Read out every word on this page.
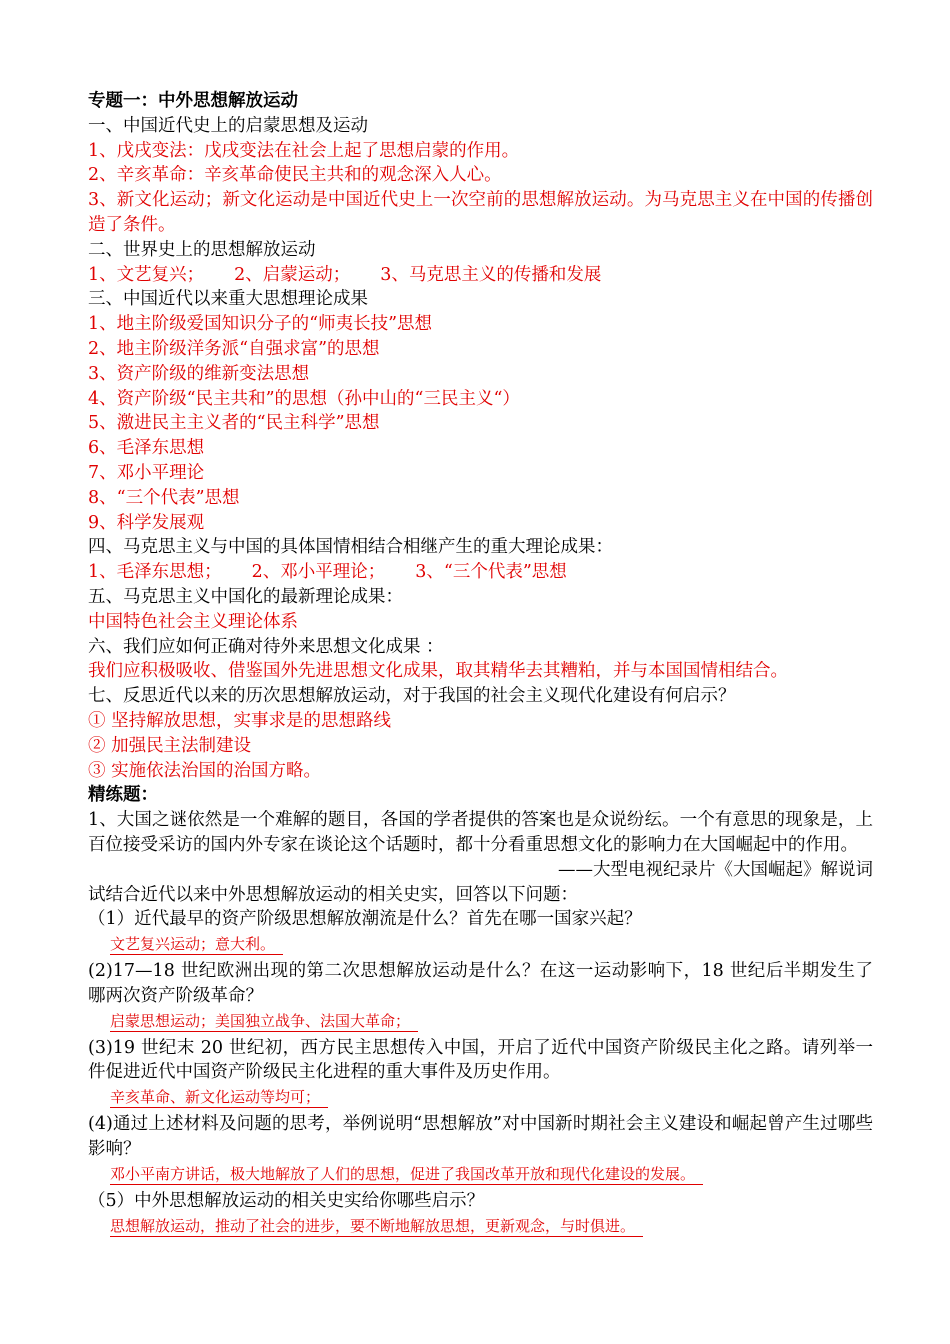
专题一：中外思想解放运动
一、中国近代史上的启蒙思想及运动
1、戊戌变法：戊戌变法在社会上起了思想启蒙的作用。
2、辛亥革命：辛亥革命使民主共和的观念深入人心。
3、新文化运动；新文化运动是中国近代史上一次空前的思想解放运动。为马克思主义在中国的传播创造了条件。
二、世界史上的思想解放运动
1、文艺复兴； 2、启蒙运动； 3、马克思主义的传播和发展
三、中国近代以来重大思想理论成果
1、地主阶级爱国知识分子的“师夷长技”思想
2、地主阶级洋务派“自强求富”的思想
3、资产阶级的维新变法思想
4、资产阶级“民主共和”的思想（孙中山的“三民主义“）
5、激进民主主义者的“民主科学”思想
6、毛泽东思想
7、邓小平理论
8、“三个代表”思想
9、科学发展观
四、马克思主义与中国的具体国情相结合相继产生的重大理论成果：
1、毛泽东思想； 2、邓小平理论； 3、“三个代表”思想
五、马克思主义中国化的最新理论成果：
中国特色社会主义理论体系
六、我们应如何正确对待外来思想文化成果 ：
我们应积极吸收、借鉴国外先进思想文化成果，取其精华去其糟粕，并与本国国情相结合。
七、反思近代以来的历次思想解放运动，对于我国的社会主义现代化建设有何启示？
① 坚持解放思想，实事求是的思想路线
② 加强民主法制建设
③ 实施依法治国的治国方略。
精练题：
1、大国之谜依然是一个难解的题目，各国的学者提供的答案也是众说纷纭。一个有意思的现象是，上百位接受采访的国内外专家在谈论这个话题时，都十分看重思想文化的影响力在大国崛起中的作用。
——大型电视纪录片《大国崛起》解说词
试结合近代以来中外思想解放运动的相关史实，回答以下问题：
（1）近代最早的资产阶级思想解放潮流是什么？首先在哪一国家兴起？
文艺复兴运动；意大利。
(2)17—18 世纪欧洲出现的第二次思想解放运动是什么？在这一运动影响下，18 世纪后半期发生了哪两次资产阶级革命？
启蒙思想运动；美国独立战争、法国大革命；
(3)19 世纪末 20 世纪初，西方民主思想传入中国，开启了近代中国资产阶级民主化之路。请列举一件促进近代中国资产阶级民主化进程的重大事件及历史作用。
辛亥革命、新文化运动等均可；
(4)通过上述材料及问题的思考，举例说明“思想解放”对中国新时期社会主义建设和崛起曾产生过哪些影响？
邓小平南方讲话，极大地解放了人们的思想，促进了我国改革开放和现代化建设的发展。
（5）中外思想解放运动的相关史实给你哪些启示？
思想解放运动，推动了社会的进步，要不断地解放思想，更新观念，与时俱进。
